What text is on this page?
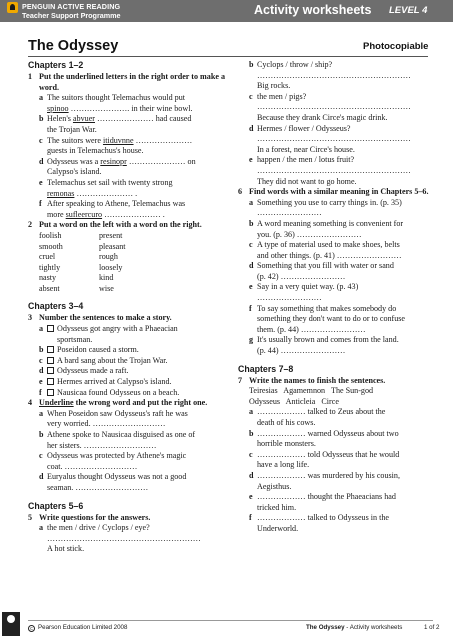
PENGUIN ACTIVE READING
Teacher Support Programme	Activity worksheets LEVEL 4
The Odyssey	Photocopiable
Chapters 1–2
1 Put the underlined letters in the right order to make a word.
a The suitors thought Telemachus would put
spinoo …………………. in their wine bowl.
b Helen's abvuer ………………… had caused
the Trojan War.
c The suitors were itiduvnne …………………
guests in Telemachus's house.
d Odysseus was a resinopr ………………… on
Calypso's island.
e Telemachus set sail with twenty strong
remonas ………………… .
f After speaking to Athene, Telemachus was
more sufleercuro ………………… .
2 Put a word on the left with a word on the right.
foolish	present
smooth	pleasant
cruel	rough
tightly	loosely
nasty	kind
absent	wise
Chapters 3–4
3 Number the sentences to make a story.
a Odysseus got angry with a Phaeacian
sportsman.
b Poseidon caused a storm.
c A bard sang about the Trojan War.
d Odysseus made a raft.
e Hermes arrived at Calypso's island.
f Nausicaa found Odysseus on a beach.
4 Underline the wrong word and put the right one.
a When Poseidon saw Odysseus's raft he was
very worried. ………………………
b Athene spoke to Nausicaa disguised as one of
her sisters. ………………………
c Odysseus was protected by Athene's magic
coat. ………………………
d Euryalus thought Odysseus was not a good
seaman. ………………………
Chapters 5–6
5 Write questions for the answers.
a the men / drive / Cyclops / eye?
…………………………………………………
A hot stick.
b Cyclops / throw / ship?
…………………………………………………
Big rocks.
c the men / pigs?
…………………………………………………
Because they drank Circe's magic drink.
d Hermes / flower / Odysseus?
…………………………………………………
In a forest, near Circe's house.
e happen / the men / lotus fruit?
…………………………………………………
They did not want to go home.
6 Find words with a similar meaning in Chapters 5–6.
a Something you use to carry things in. (p. 35)
……………………
b A word meaning something is convenient for
you. (p. 36) ……………………
c A type of material used to make shoes, belts
and other things. (p. 41) ……………………
d Something that you fill with water or sand
(p. 42) ……………………
e Say in a very quiet way. (p. 43)
……………………
f To say something that makes somebody do
something they don't want to do or to confuse
them. (p. 44) ……………………
g It's usually brown and comes from the land.
(p. 44) ……………………
Chapters 7–8
7 Write the names to finish the sentences.
Teiresias   Agamemnon   The Sun-god
Odysseus   Anticleia   Circe
a ……………… talked to Zeus about the
death of his cows.
b ……………… warned Odysseus about two
horrible monsters.
c ……………… told Odysseus that he would
have a long life.
d ……………… was murdered by his cousin,
Aegisthus.
e ……………… thought the Phaeacians had
tricked him.
f ……………… talked to Odysseus in the
Underworld.
c Pearson Education Limited 2008	The Odyssey - Activity worksheets	1 of 2
